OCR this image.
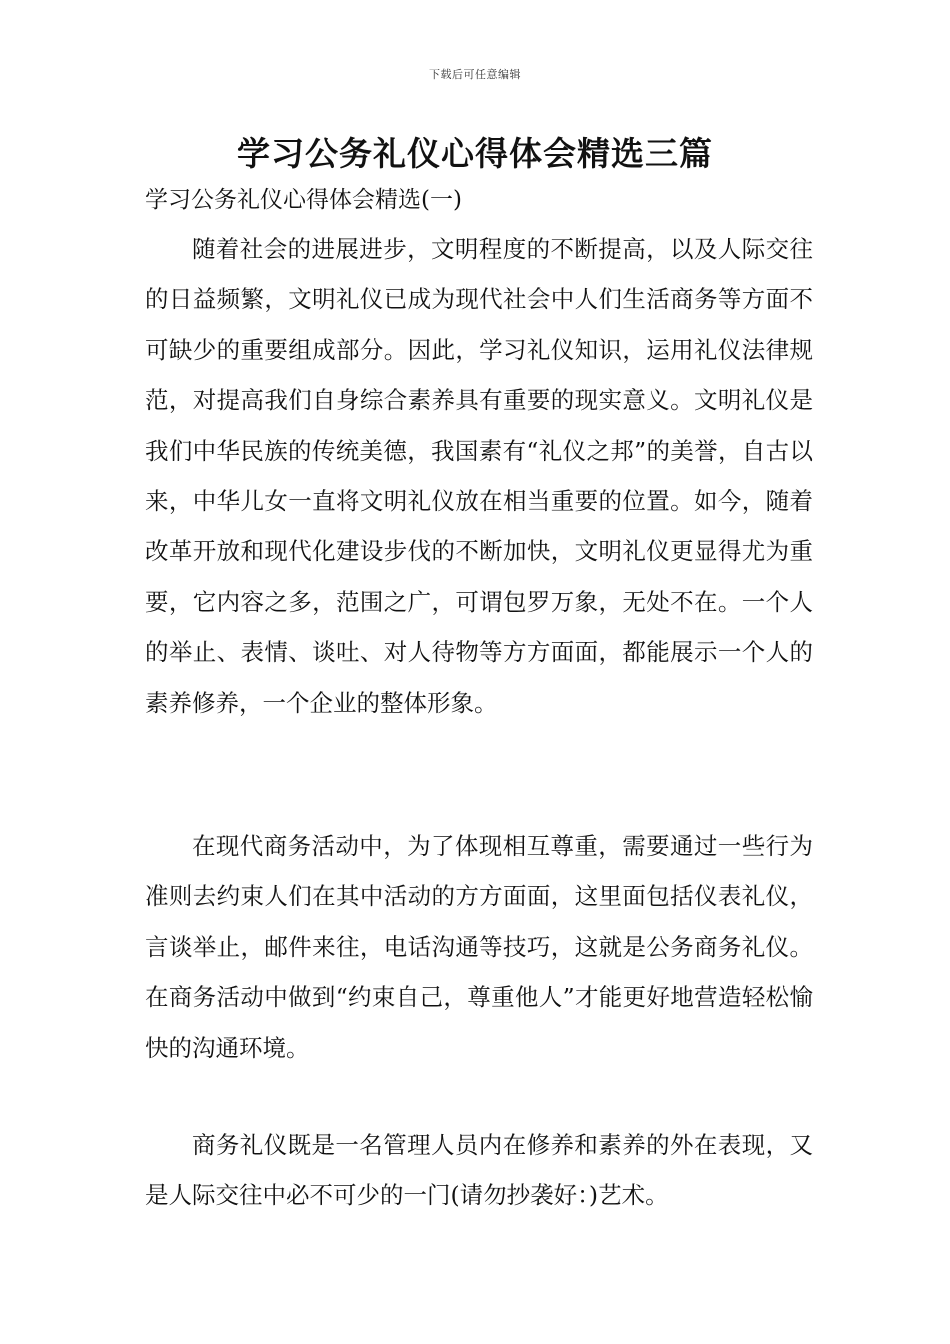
下载后可任意编辑
学习公务礼仪心得体会精选三篇

学习公务礼仪心得体会精选(一)

随着社会的进展进步，文明程度的不断提高，以及人际交往的日益频繁，文明礼仪已成为现代社会中人们生活商务等方面不可缺少的重要组成部分。因此，学习礼仪知识，运用礼仪法律规范，对提高我们自身综合素养具有重要的现实意义。文明礼仪是我们中华民族的传统美德，我国素有“礼仪之邦”的美誉，自古以来，中华儿女一直将文明礼仪放在相当重要的位置。如今，随着改革开放和现代化建设步伐的不断加快，文明礼仪更显得尤为重要，它内容之多，范围之广，可谓包罗万象，无处不在。一个人的举止、表情、谈吐、对人待物等方方面面，都能展示一个人的素养修养，一个企业的整体形象。

在现代商务活动中，为了体现相互尊重，需要通过一些行为准则去约束人们在其中活动的方方面面，这里面包括仪表礼仪，言谈举止，邮件来往，电话沟通等技巧，这就是公务商务礼仪。在商务活动中做到“约束自己，尊重他人”才能更好地营造轻松愉快的沟通环境。

商务礼仪既是一名管理人员内在修养和素养的外在表现，又是人际交往中必不可少的一门(请勿抄袭好：)艺术。
